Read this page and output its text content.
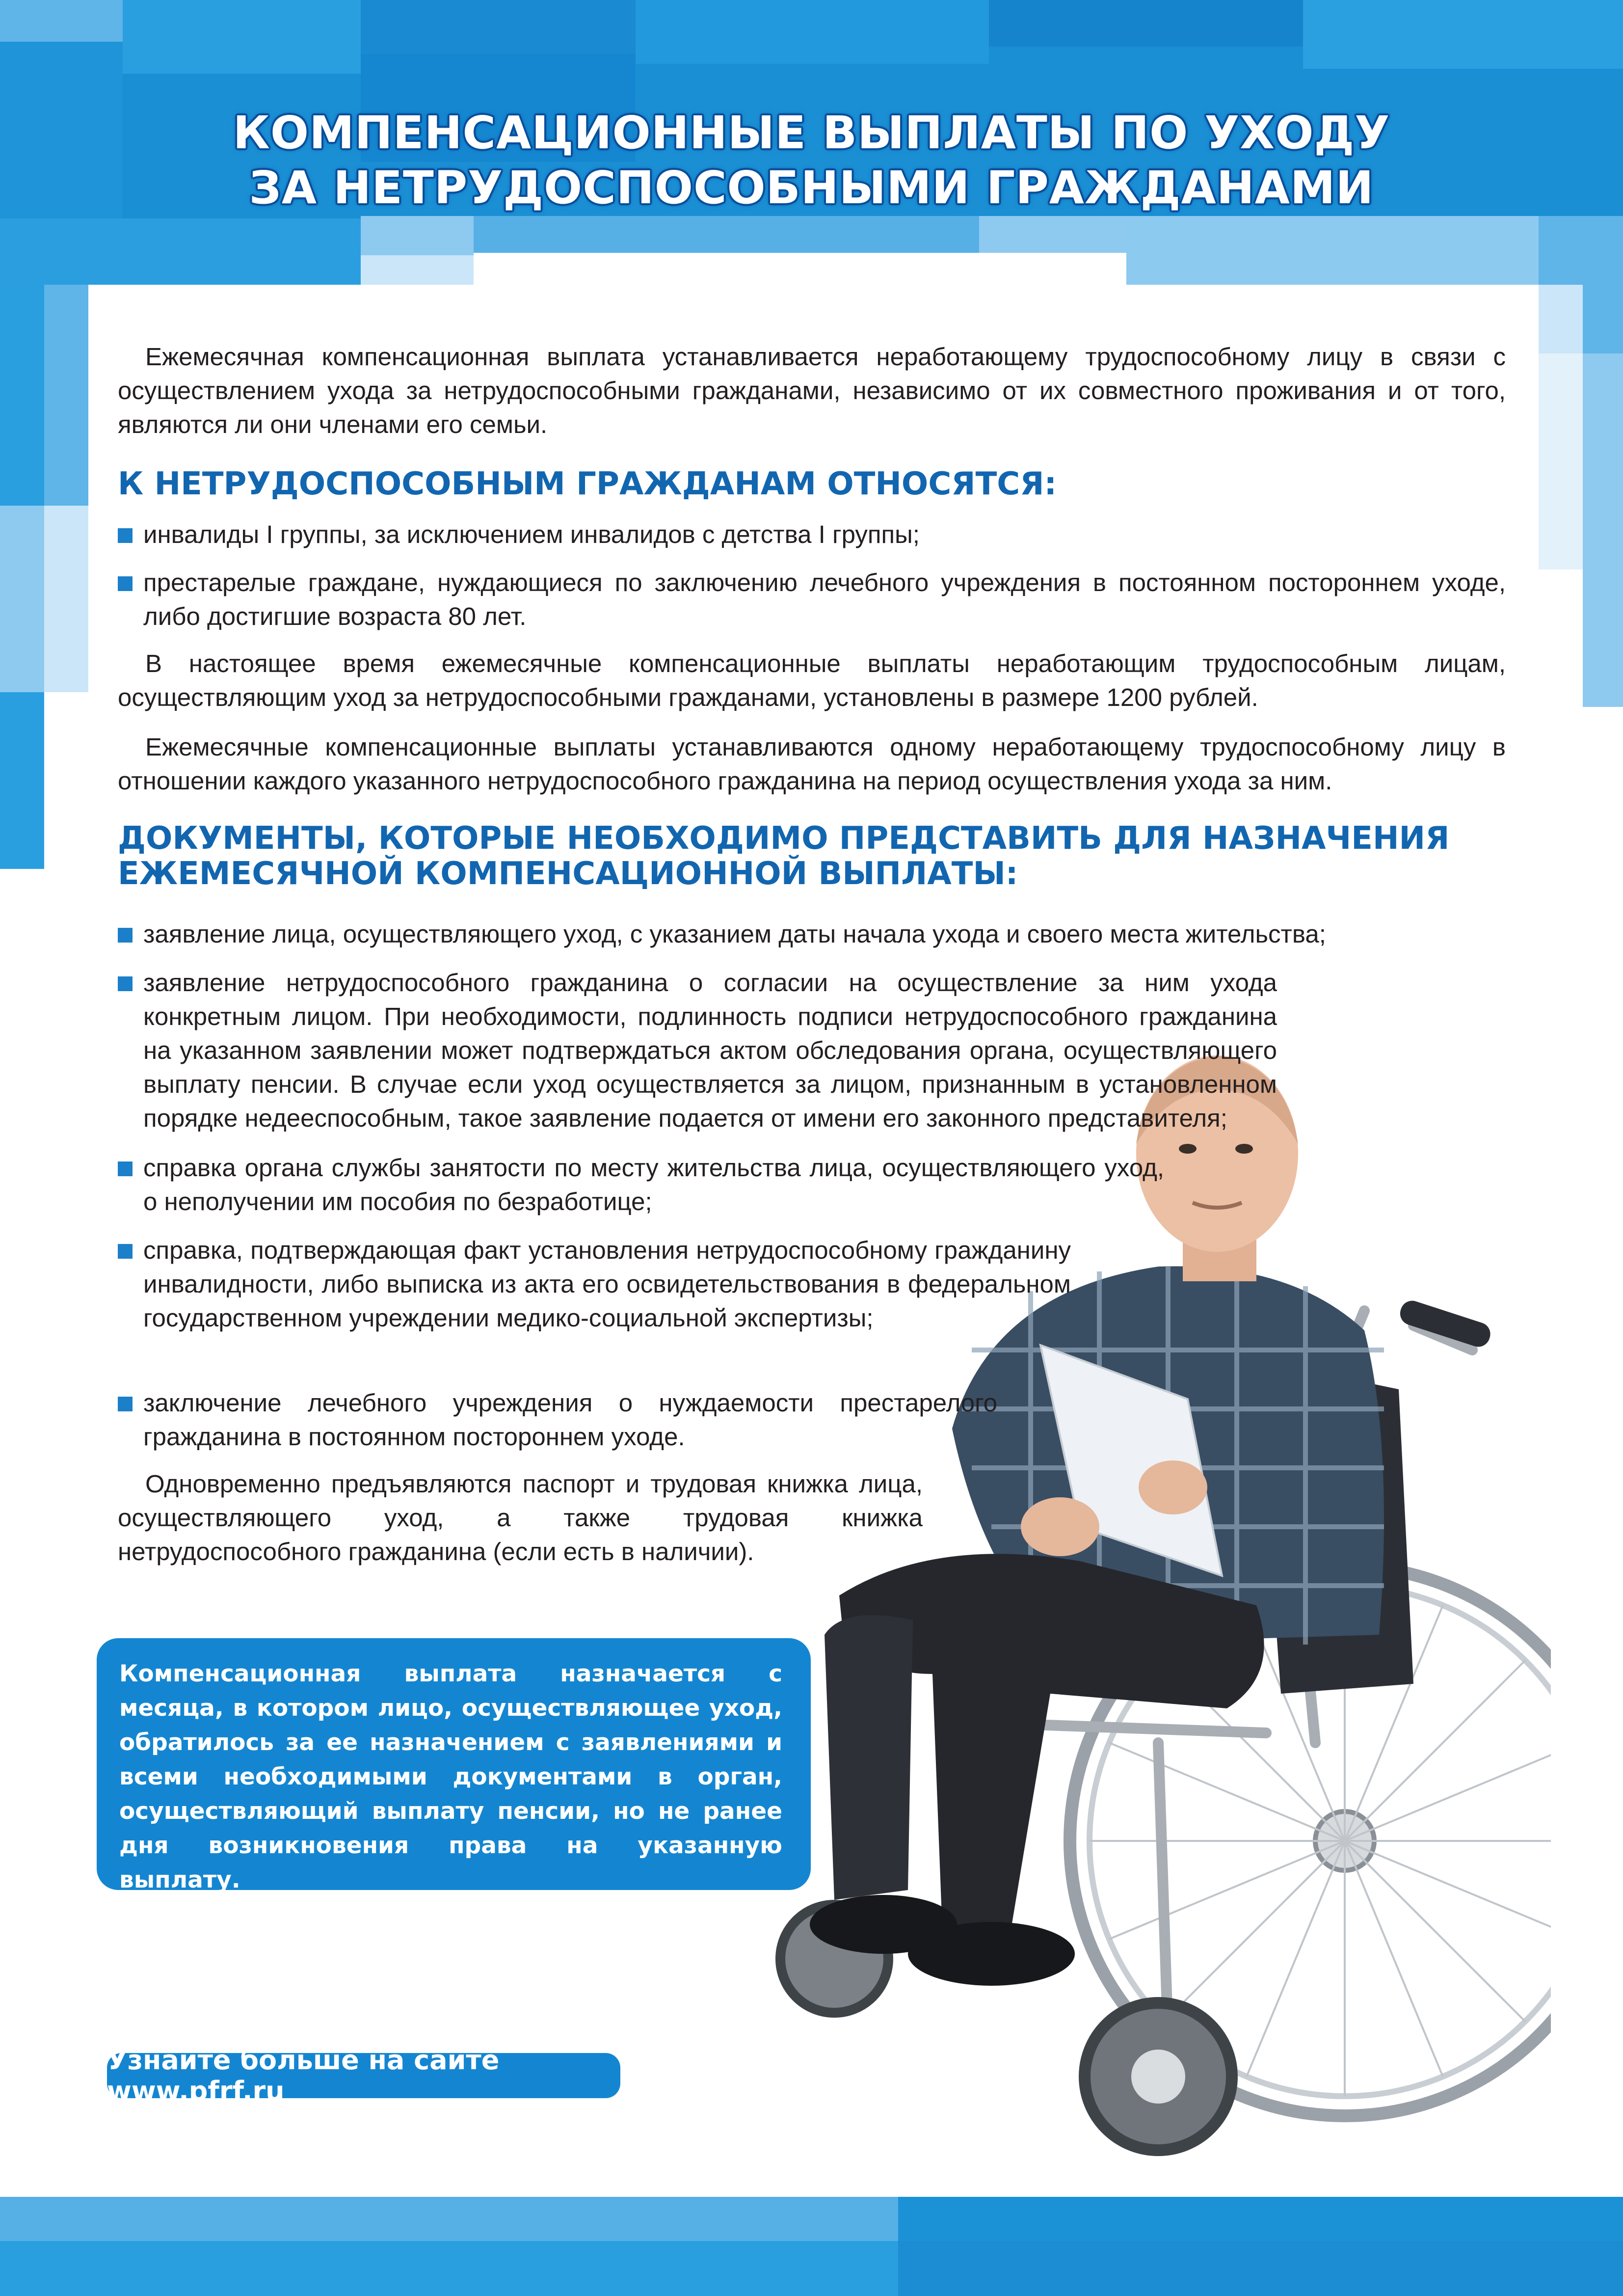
КОМПЕНСАЦИОННЫЕ ВЫПЛАТЫ ПО УХОДУ
ЗА НЕТРУДОСПОСОБНЫМИ ГРАЖДАНАМИ

Ежемесячная компенсационная выплата устанавливается неработающему трудоспособному лицу в связи с осуществлением ухода за нетрудоспособными гражданами, независимо от их совместного проживания и от того, являются ли они членами его семьи.

К НЕТРУДОСПОСОБНЫМ ГРАЖДАНАМ ОТНОСЯТСЯ:

инвалиды I группы, за исключением инвалидов с детства I группы;

престарелые граждане, нуждающиеся по заключению лечебного учреждения в постоянном постороннем уходе, либо достигшие возраста 80 лет.

В настоящее время ежемесячные компенсационные выплаты неработающим трудоспособным лицам, осуществляющим уход за нетрудоспособными гражданами, установлены в размере 1200 рублей.

Ежемесячные компенсационные выплаты устанавливаются одному неработающему трудоспособному лицу в отношении каждого указанного нетрудоспособного гражданина на период осуществления ухода за ним.

ДОКУМЕНТЫ, КОТОРЫЕ НЕОБХОДИМО ПРЕДСТАВИТЬ ДЛЯ НАЗНАЧЕНИЯ
ЕЖЕМЕСЯЧНОЙ КОМПЕНСАЦИОННОЙ ВЫПЛАТЫ:

заявление лица, осуществляющего уход, с указанием даты начала ухода и своего места жительства;

заявление нетрудоспособного гражданина о согласии на осуществление за ним ухода конкретным лицом. При необходимости, подлинность подписи нетрудоспособного гражданина на указанном заявлении может подтверждаться актом обследования органа, осуществляющего выплату пенсии. В случае если уход осуществляется за лицом, признанным в установленном порядке недееспособным, такое заявление подается от имени его законного представителя;

справка органа службы занятости по месту жительства лица, осуществляющего уход, о неполучении им пособия по безработице;

справка, подтверждающая факт установления нетрудоспособному гражданину инвалидности, либо выписка из акта его освидетельствования в федеральном государственном учреждении медико-социальной экспертизы;

заключение лечебного учреждения о нуждаемости престарелого гражданина в постоянном постороннем уходе.

Одновременно предъявляются паспорт и трудовая книжка лица, осуществляющего уход, а также трудовая книжка нетрудоспособного гражданина (если есть в наличии).

Компенсационная выплата назначается с месяца, в котором лицо, осуществляющее уход, обратилось за ее назначением с заявлениями и всеми необходимыми документами в орган, осуществляющий выплату пенсии, но не ранее дня возникновения права на указанную выплату.

Узнайте больше на сайте www.pfrf.ru
